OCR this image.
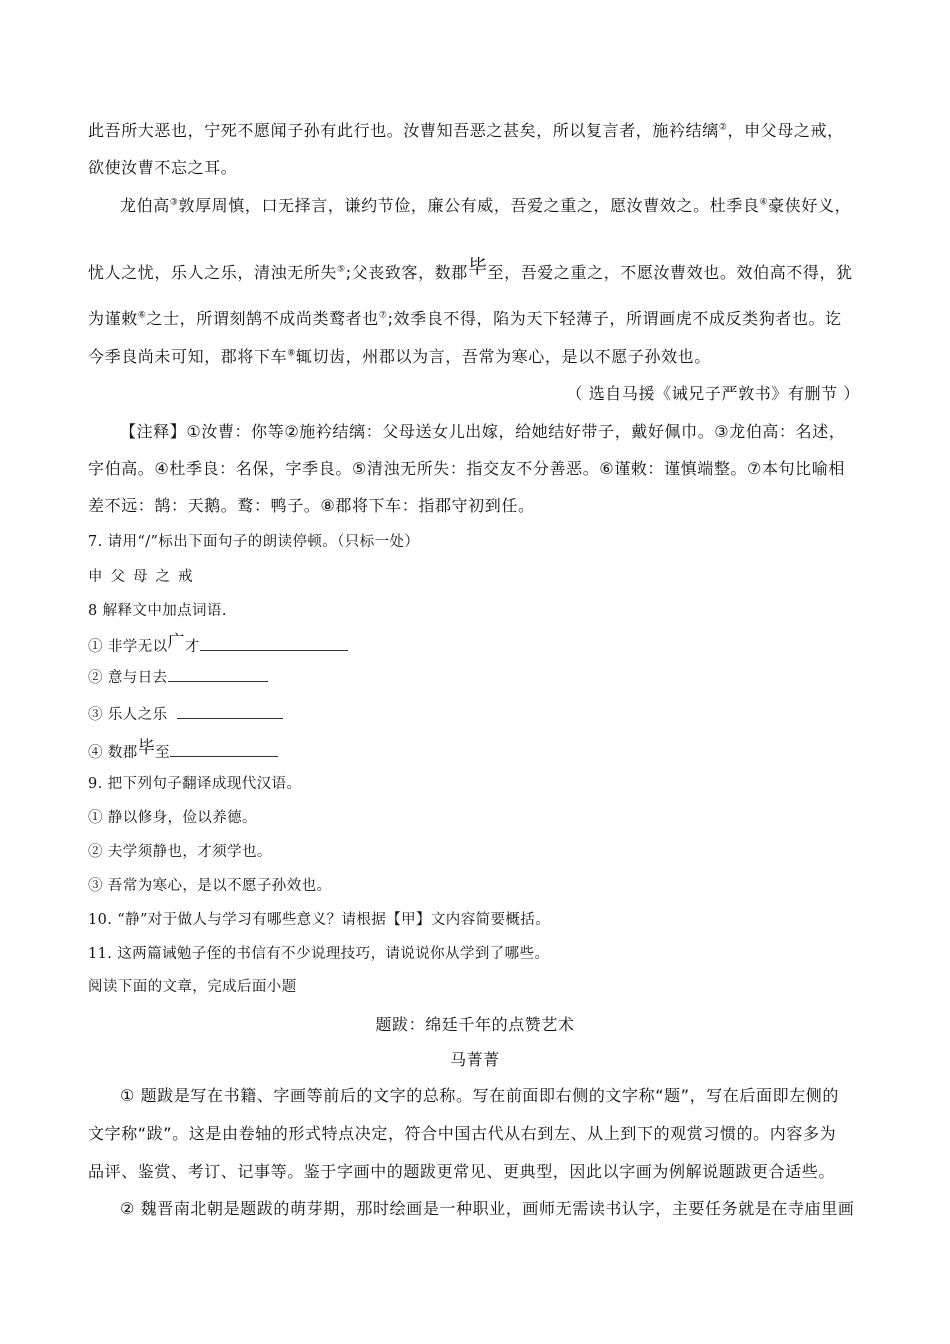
此吾所大恶也，宁死不愿闻子孙有此行也。汝曹知吾恶之甚矣，所以复言者，施衿结缡②，申父母之戒，
欲使汝曹不忘之耳。
龙伯高③敦厚周慎，口无择言，谦约节俭，廉公有威，吾爱之重之，愿汝曹效之。杜季良④豪侠好义，
忧人之忧，乐人之乐，清浊无所失⑤;父丧致客，数郡毕至，吾爱之重之，不愿汝曹效也。效伯高不得，犹
为谨敕⑥之士，所谓刻鹄不成尚类鹜者也⑦;效季良不得，陷为天下轻薄子，所谓画虎不成反类狗者也。讫
今季良尚未可知，郡将下车⑧辄切齿，州郡以为言，吾常为寒心，是以不愿子孙效也。
（ 选自马援《诫兄子严敦书》有删节 ）
【注释】①汝曹：你等②施衿结缡：父母送女儿出嫁，给她结好带子，戴好佩巾。③龙伯高：名述，
字伯高。④杜季良：名保，字季良。⑤清浊无所失：指交友不分善恶。⑥谨敕：谨慎端整。⑦本句比喻相
差不远：鹄：天鹅。鹜：鸭子。⑧郡将下车：指郡守初到任。
7. 请用“/”标出下面句子的朗读停顿。（只标一处）
申父母之戒
8 解释文中加点词语.
① 非学无以广才
② 意与日去
③ 乐人之乐
④ 数郡毕至
9. 把下列句子翻译成现代汉语。
① 静以修身，俭以养德。
② 夫学须静也，才须学也。
③ 吾常为寒心，是以不愿子孙效也。
10. “静”对于做人与学习有哪些意义？请根据【甲】文内容简要概括。
11. 这两篇诫勉子侄的书信有不少说理技巧，请说说你从学到了哪些。
阅读下面的文章，完成后面小题
题跋：绵廷千年的点赞艺术
马菁菁
① 题跋是写在书籍、字画等前后的文字的总称。写在前面即右侧的文字称“题”，写在后面即左侧的
文字称“跋”。这是由卷轴的形式特点决定，符合中国古代从右到左、从上到下的观赏习惯的。内容多为
品评、鉴赏、考订、记事等。鉴于字画中的题跋更常见、更典型，因此以字画为例解说题跋更合适些。
② 魏晋南北朝是题跋的萌芽期，那时绘画是一种职业，画师无需读书认字，主要任务就是在寺庙里画
